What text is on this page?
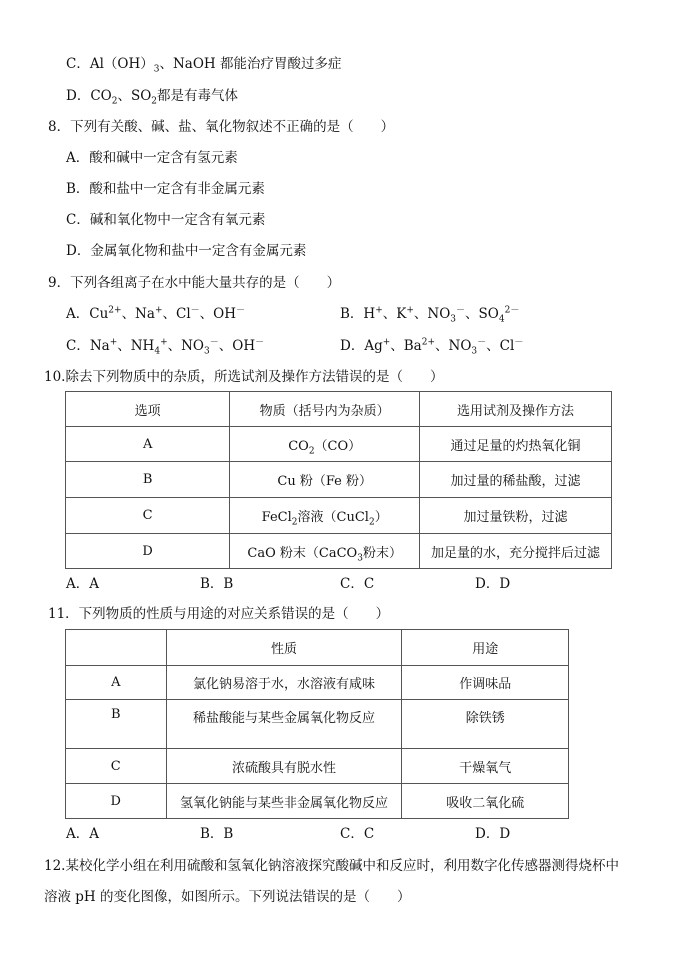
C．$Al(OH)_3$、NaOH 都能治疗胃酸过多症
D．$CO_2$、$SO_2$都是有毒气体
8．下列有关酸、碱、盐、氧化物叙述不正确的是（　　）
A．酸和碱中一定含有氢元素
B．酸和盐中一定含有非金属元素
C．碱和氧化物中一定含有氧元素
D．金属氧化物和盐中一定含有金属元素
9．下列各组离子在水中能大量共存的是（　　）
A．$Cu^{2+}$、Na+、Cl－、OH－	B．H+、K+、$NO_3^-$、$SO_4^{2-}$
C．Na+、$NH_4^+$、$NO_3^-$、OH－	D．Ag+、$Ba^{2+}$、$NO_3^-$、Cl－
10.除去下列物质中的杂质，所选试剂及操作方法错误的是（　　）
选项	物质（括号内为杂质）	选用试剂及操作方法
A	$CO_2(CO)$	通过足量的灼热氧化铜
B	Cu 粉（Fe 粉）	加过量的稀盐酸，过滤
C	FeCl$_2$溶液（CuCl$_2$）	加过量铁粉，过滤
D	CaO 粉末（CaCO$_3$粉末）	加足量的水，充分搅拌后过滤
A．A	B．B	C．C	D．D
11．下列物质的性质与用途的对应关系错误的是（　　）
	性质	用途
A	氯化钠易溶于水，水溶液有咸味	作调味品
B	稀盐酸能与某些金属氧化物反应	除铁锈
C	浓硫酸具有脱水性	干燥氧气
D	氢氧化钠能与某些非金属氧化物反应	吸收二氧化硫
A．A	B．B	C．C	D．D
12.某校化学小组在利用硫酸和氢氧化钠溶液探究酸碱中和反应时，利用数字化传感器测得烧杯中
溶液 pH 的变化图像，如图所示。下列说法错误的是（　　）
